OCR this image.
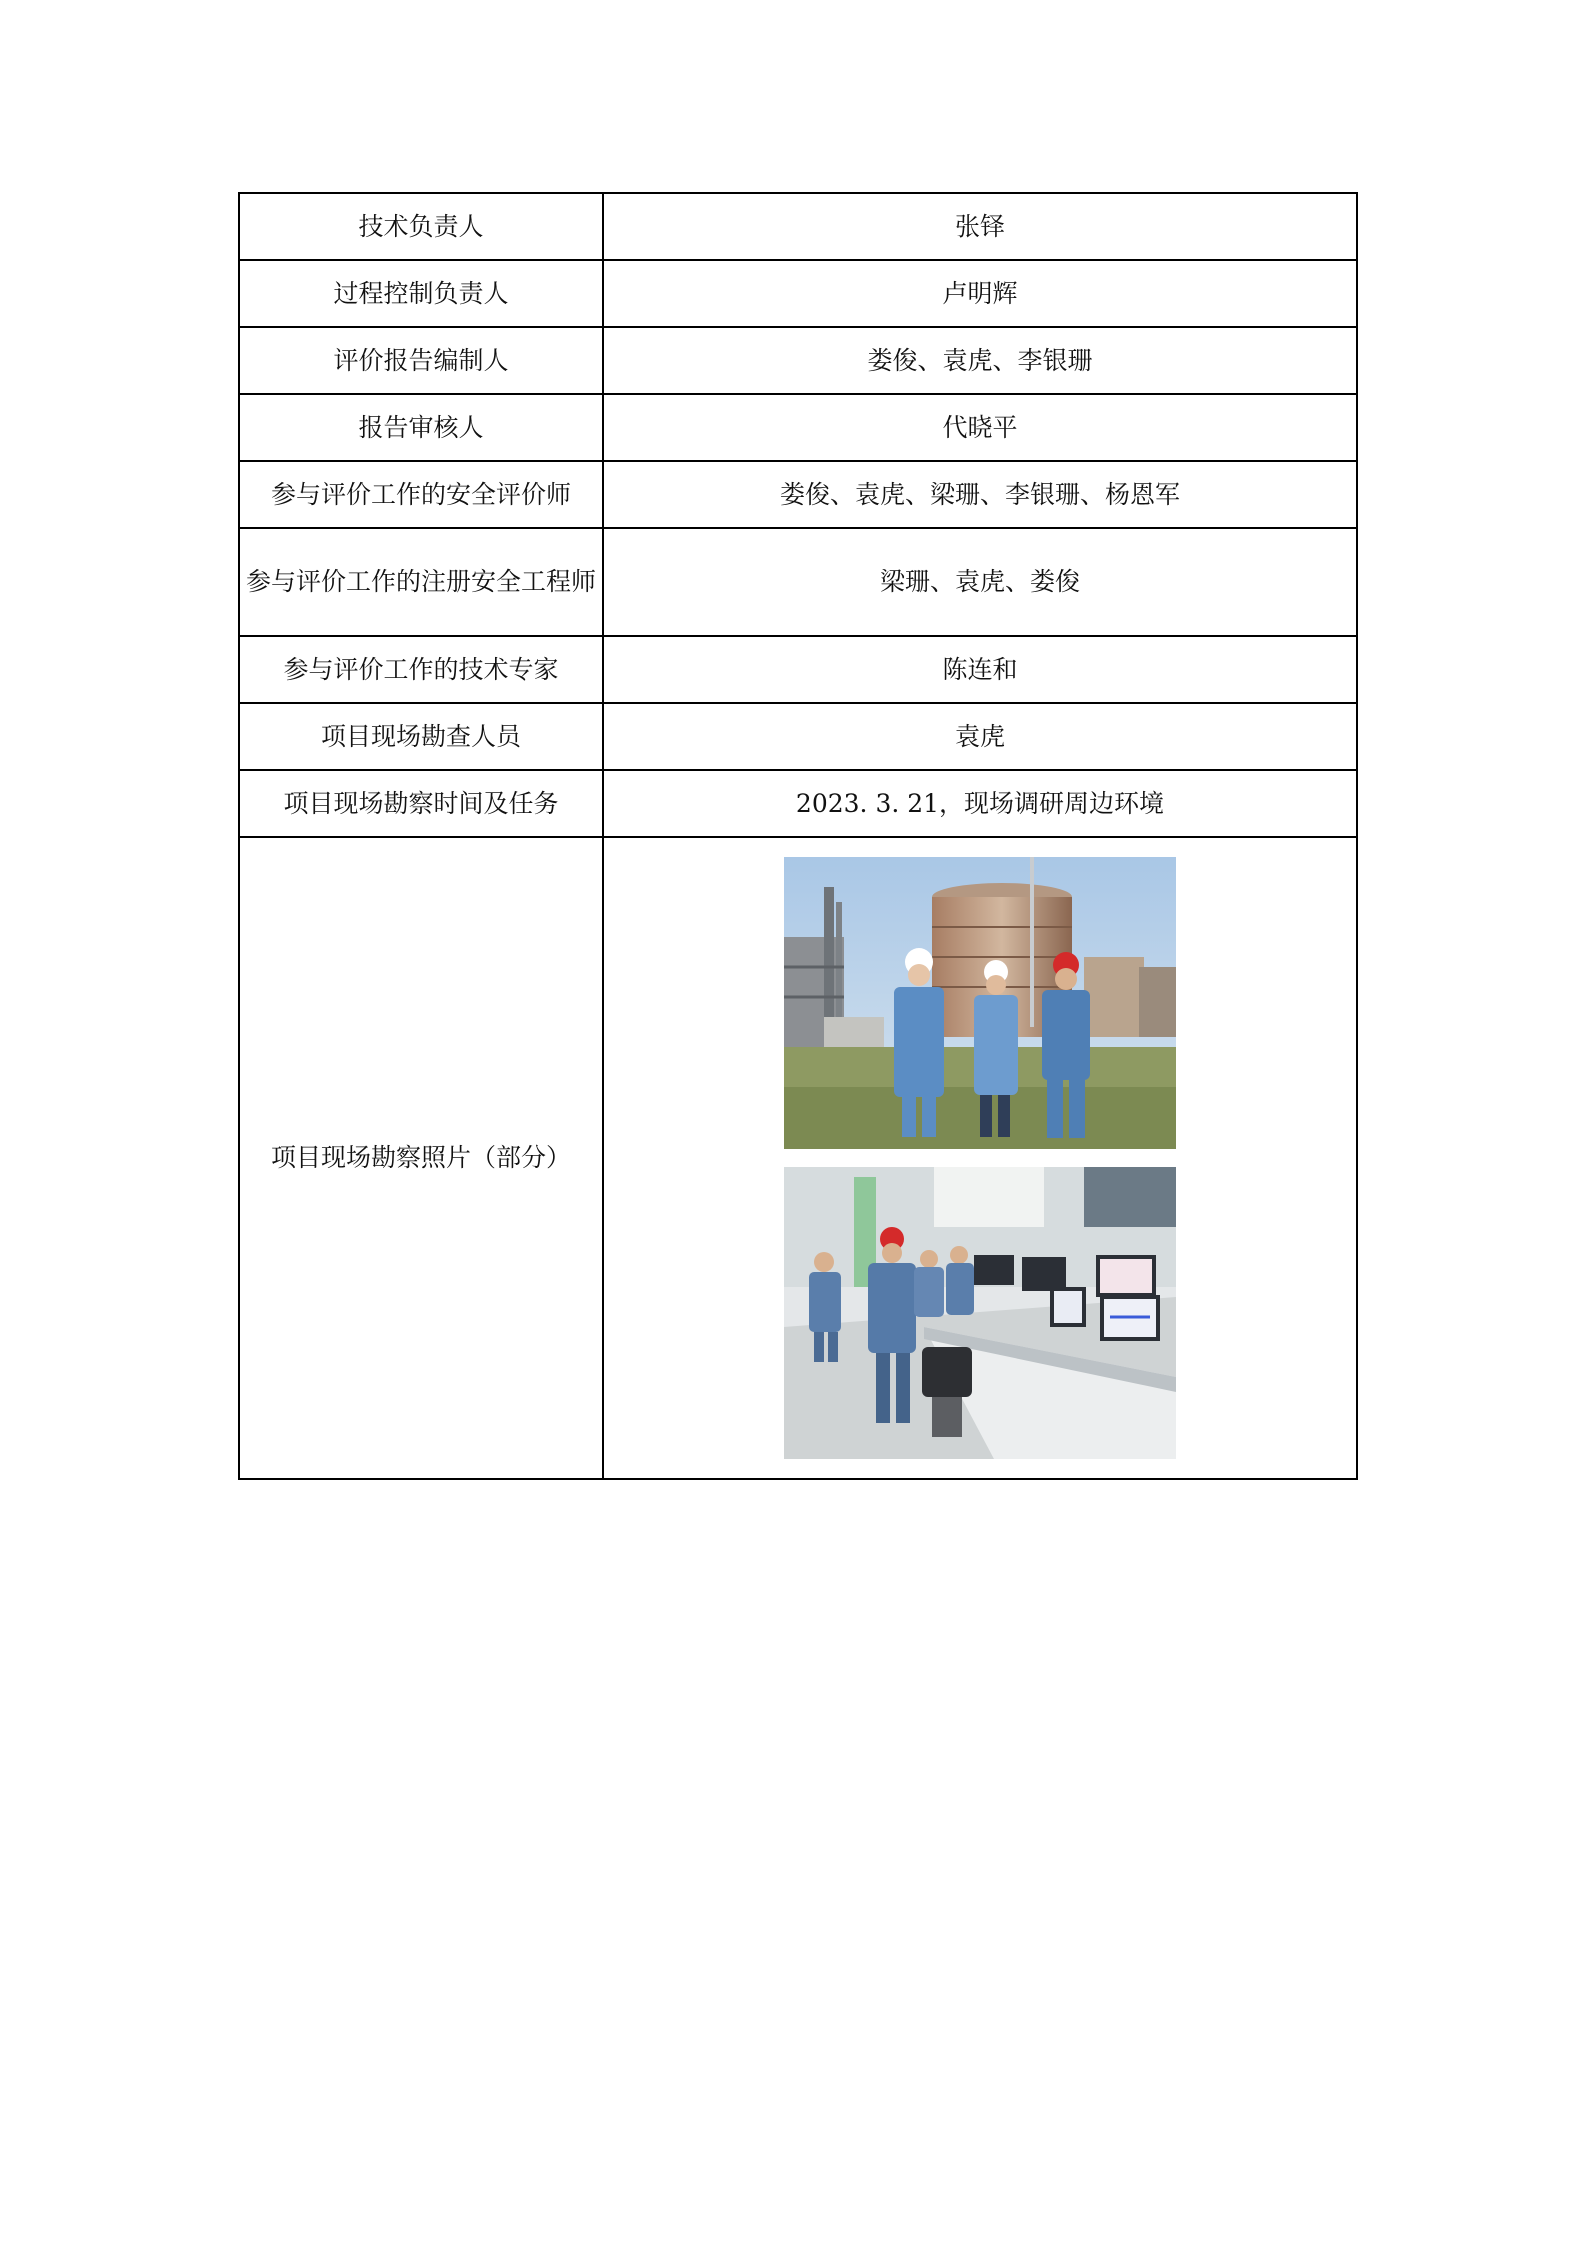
技术负责人	张铎
过程控制负责人	卢明辉
评价报告编制人	娄俊、袁虎、李银珊
报告审核人	代晓平
参与评价工作的安全评价师	娄俊、袁虎、梁珊、李银珊、杨恩军
参与评价工作的注册安全工程师	梁珊、袁虎、娄俊
参与评价工作的技术专家	陈连和
项目现场勘查人员	袁虎
项目现场勘察时间及任务	2023. 3. 21，现场调研周边环境
项目现场勘察照片（部分）	
